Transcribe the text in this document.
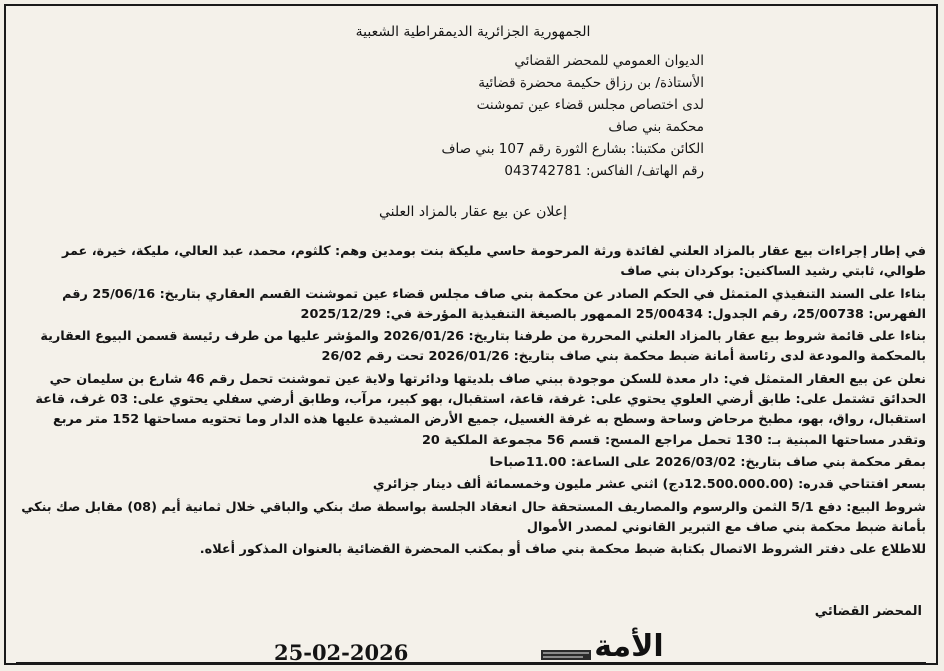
الجمهورية الجزائرية الديمقراطية الشعبية
الديوان العمومي للمحضر القضائي
الأستاذة/ بن رزاق حكيمة محضرة قضائية
لدى اختصاص مجلس قضاء عين تموشنت
محكمة بني صاف
الكائن مكتبنا: بشارع الثورة رقم 107 بني صاف
رقم الهاتف/ الفاكس: 043742781
إعلان عن بيع عقار بالمزاد العلني

في إطار إجراءات بيع عقار بالمزاد العلني لفائدة ورثة المرحومة حاسي مليكة بنت بومدين وهم: كلثوم، محمد، عبد العالي، مليكة، خيرة، عمر طوالي، ثابتي رشيد الساكنين: بوكردان بني صاف

بناءا على السند التنفيذي المتمثل في الحكم الصادر عن محكمة بني صاف مجلس قضاء عين تموشنت القسم العقاري بتاريخ: 25/06/16 رقم الفهرس: 25/00738، رقم الجدول: 25/00434 الممهور بالصيغة التنفيذية المؤرخة في: 2025/12/29

بناءا على قائمة شروط بيع عقار بالمزاد العلني المحررة من طرفنا بتاريخ: 2026/01/26 والمؤشر عليها من طرف رئيسة قسمن البيوع العقارية بالمحكمة والمودعة لدى رئاسة أمانة ضبط محكمة بني صاف بتاريخ: 2026/01/26 تحت رقم 26/02

نعلن عن بيع العقار المتمثل في: دار معدة للسكن موجودة ببني صاف بلديتها ودائرتها ولاية عين تموشنت تحمل رقم 46 شارع بن سليمان حي الحدائق تشتمل على: طابق أرضي العلوي يحتوي على: غرفة، قاعة، استقبال، بهو كبير، مرآب، وطابق أرضي سفلي يحتوي على: 03 غرف، قاعة استقبال، رواق، بهو، مطبخ مرحاض وساحة وسطح به غرفة الغسيل، جميع الأرض المشيدة عليها هذه الدار وما تحتويه مساحتها 152 متر مربع وتقدر مساحتها المبنية بـ: 130 تحمل مراجع المسح: قسم 56 مجموعة الملكية 20

بمقر محكمة بني صاف بتاريخ: 2026/03/02 على الساعة: 11.00صباحا

بسعر افتتاحي قدره: (12.500.000.00دج) اثني عشر مليون وخمسمائة ألف دينار جزائري

شروط البيع: دفع 5/1 الثمن والرسوم والمصاريف المستحقة حال انعقاد الجلسة بواسطة صك بنكي والباقي خلال ثمانية أيم (08) مقابل صك بنكي بأمانة ضبط محكمة بني صاف مع التبرير القانوني لمصدر الأموال

للاطلاع على دفتر الشروط الاتصال بكتابة ضبط محكمة بني صاف أو بمكتب المحضرة القضائية بالعنوان المذكور أعلاه.

المحضر القضائي
الأمة
25-02-2026
